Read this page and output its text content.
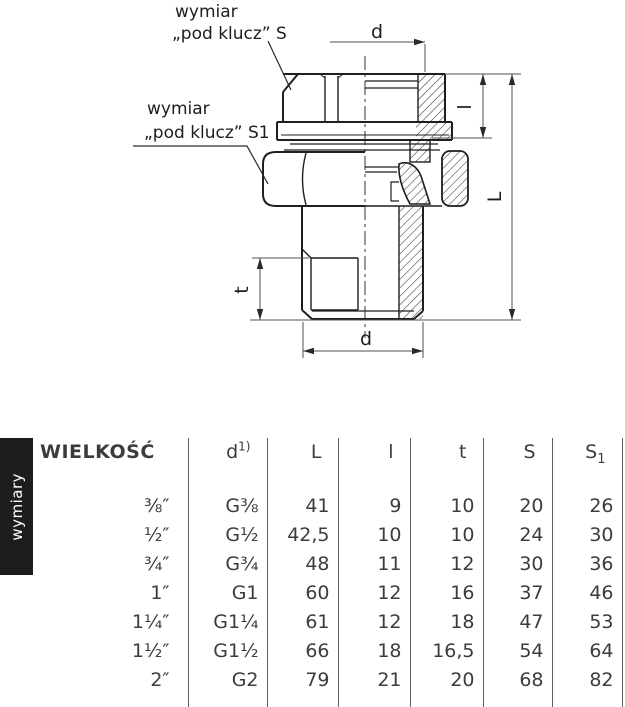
d
l
L
t
d
wymiar
„pod klucz” S
wymiar
„pod klucz” S1
wymiary
WIELKOŚĆ	$d^{1)}$	L	l	t	S	$S_1$
⅜″	G⅜	41	9	10	20	26
½″	G½	42,5	10	10	24	30
¾″	G¾	48	11	12	30	36
1″	G1	60	12	16	37	46
1¼″	G1¼	61	12	18	47	53
1½″	G1½	66	18	16,5	54	64
2″	G2	79	21	20	68	82
